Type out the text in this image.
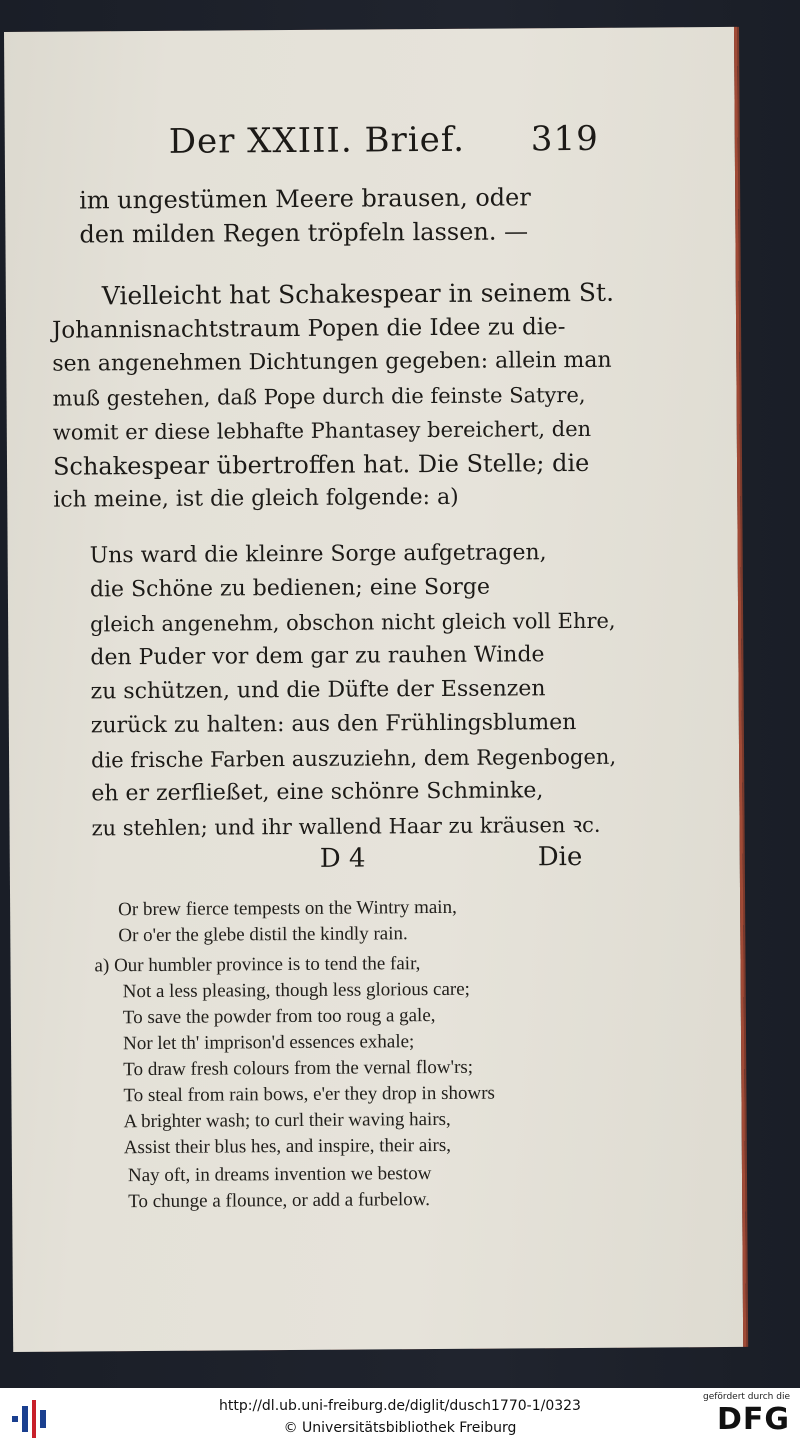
Der XXIII. Brief. 319
im ungestümen Meere brausen, oder
den milden Regen tröpfeln lassen. —
Vielleicht hat Schakespear in seinem St.
Johannisnachtstraum Popen die Idee zu die-
sen angenehmen Dichtungen gegeben: allein man
muß gestehen, daß Pope durch die feinste Satyre,
womit er diese lebhafte Phantasey bereichert, den
Schakespear übertroffen hat. Die Stelle; die
ich meine, ist die gleich folgende: a)
Uns ward die kleinre Sorge aufgetragen,
die Schöne zu bedienen; eine Sorge
gleich angenehm, obschon nicht gleich voll Ehre,
den Puder vor dem gar zu rauhen Winde
zu schützen, und die Düfte der Essenzen
zurück zu halten: aus den Frühlingsblumen
die frische Farben auszuziehn, dem Regenbogen,
eh er zerfließet, eine schönre Schminke,
zu stehlen; und ihr wallend Haar zu kräusen ꝛc.
D 4	Die
Or brew fierce tempests on the Wintry main,
Or o'er the glebe distil the kindly rain.
a) Our humbler province is to tend the fair,
Not a less pleasing, though less glorious care;
To save the powder from too roug a gale,
Nor let th' imprison'd essences exhale;
To draw fresh colours from the vernal flow'rs;
To steal from rain bows, e'er they drop in showrs
A brighter wash; to curl their waving hairs,
Assist their blus hes, and inspire, their airs,
Nay oft, in dreams invention we bestow
To chunge a flounce, or add a furbelow.
http://dl.ub.uni-freiburg.de/diglit/dusch1770-1/0323
© Universitätsbibliothek Freiburg
gefördert durch die
DFG
